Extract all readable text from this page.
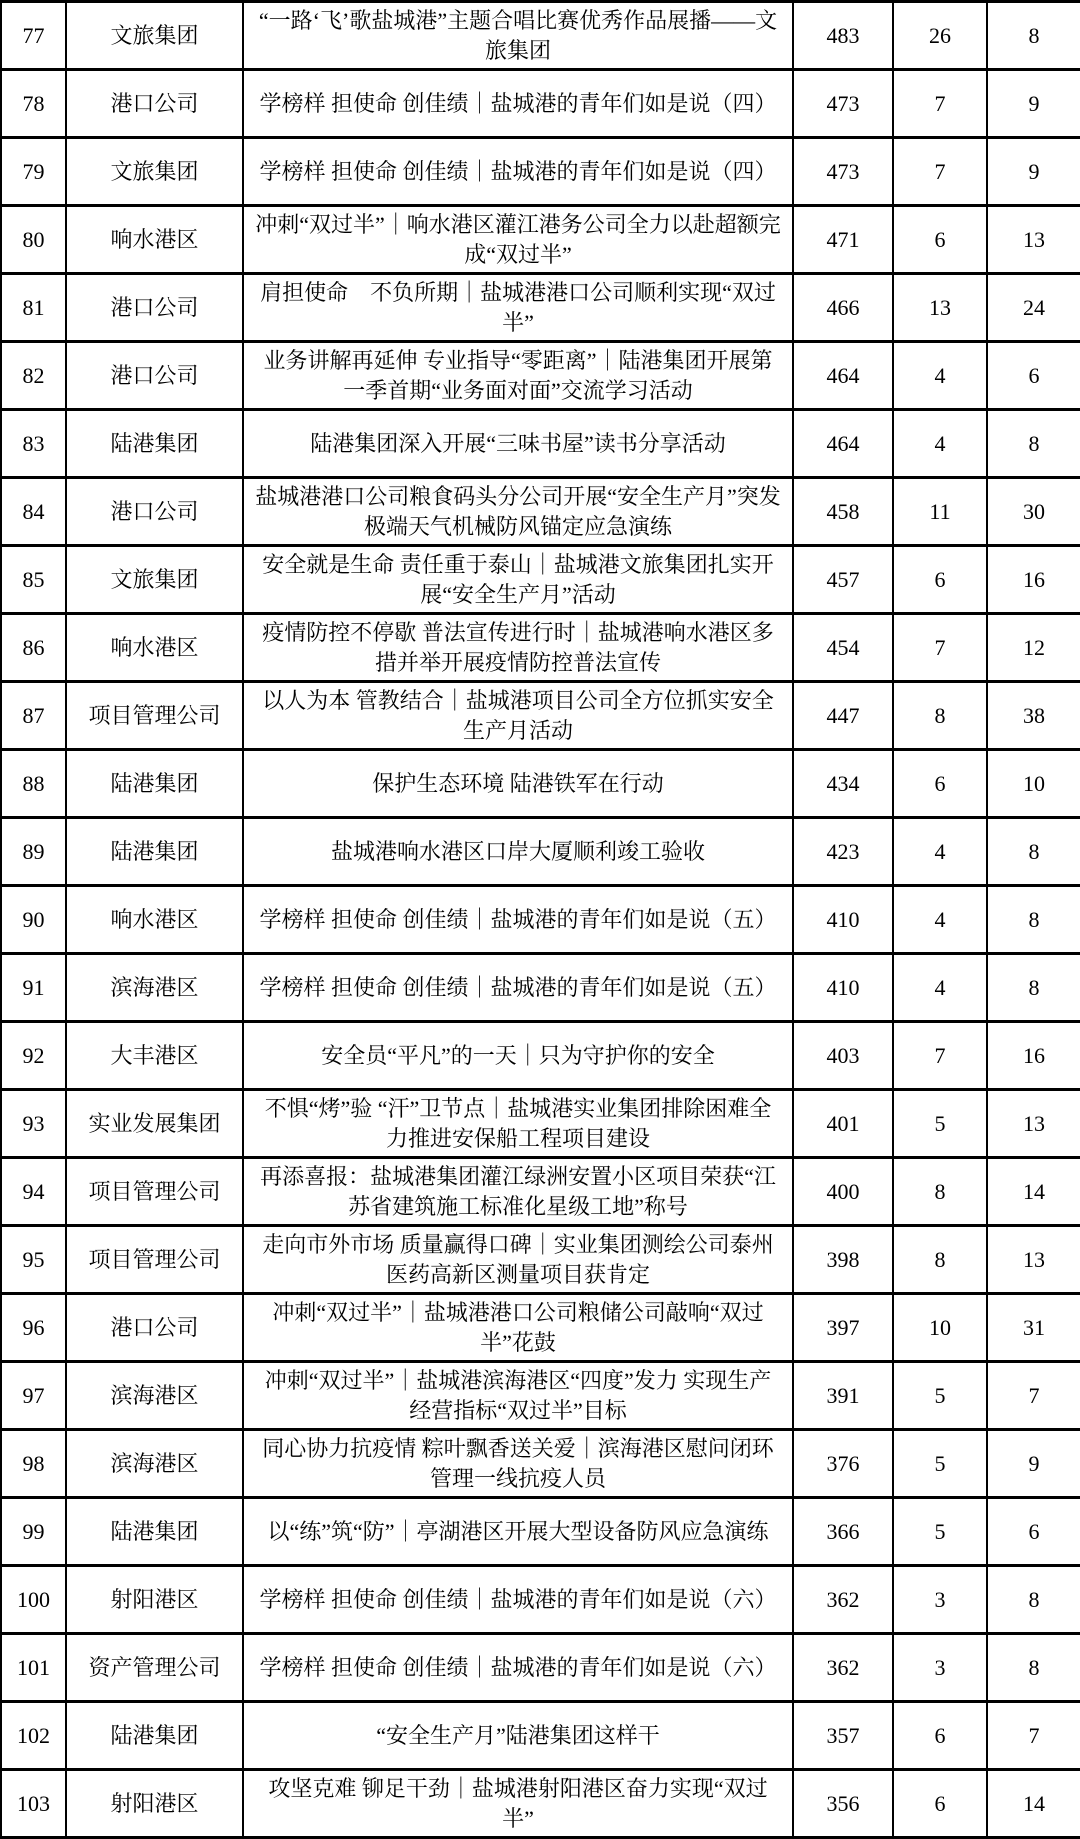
77	文旅集团	“一路‘飞’歌盐城港”主题合唱比赛优秀作品展播——文旅集团	483	26	8
78	港口公司	学榜样 担使命 创佳绩｜盐城港的青年们如是说（四）	473	7	9
79	文旅集团	学榜样 担使命 创佳绩｜盐城港的青年们如是说（四）	473	7	9
80	响水港区	冲刺“双过半”｜响水港区灌江港务公司全力以赴超额完成“双过半”	471	6	13
81	港口公司	肩担使命　不负所期｜盐城港港口公司顺利实现“双过半”	466	13	24
82	港口公司	业务讲解再延伸 专业指导“零距离”｜陆港集团开展第一季首期“业务面对面”交流学习活动	464	4	6
83	陆港集团	陆港集团深入开展“三味书屋”读书分享活动	464	4	8
84	港口公司	盐城港港口公司粮食码头分公司开展“安全生产月”突发极端天气机械防风锚定应急演练	458	11	30
85	文旅集团	安全就是生命 责任重于泰山｜盐城港文旅集团扎实开展“安全生产月”活动	457	6	16
86	响水港区	疫情防控不停歇 普法宣传进行时｜盐城港响水港区多措并举开展疫情防控普法宣传	454	7	12
87	项目管理公司	以人为本 管教结合｜盐城港项目公司全方位抓实安全生产月活动	447	8	38
88	陆港集团	保护生态环境 陆港铁军在行动	434	6	10
89	陆港集团	盐城港响水港区口岸大厦顺利竣工验收	423	4	8
90	响水港区	学榜样 担使命 创佳绩｜盐城港的青年们如是说（五）	410	4	8
91	滨海港区	学榜样 担使命 创佳绩｜盐城港的青年们如是说（五）	410	4	8
92	大丰港区	安全员“平凡”的一天｜只为守护你的安全	403	7	16
93	实业发展集团	不惧“烤”验 “汗”卫节点｜盐城港实业集团排除困难全力推进安保船工程项目建设	401	5	13
94	项目管理公司	再添喜报：盐城港集团灌江绿洲安置小区项目荣获“江苏省建筑施工标准化星级工地”称号	400	8	14
95	项目管理公司	走向市外市场 质量赢得口碑｜实业集团测绘公司泰州医药高新区测量项目获肯定	398	8	13
96	港口公司	冲刺“双过半”｜盐城港港口公司粮储公司敲响“双过半”花鼓	397	10	31
97	滨海港区	冲刺“双过半”｜盐城港滨海港区“四度”发力 实现生产经营指标“双过半”目标	391	5	7
98	滨海港区	同心协力抗疫情 粽叶飘香送关爱｜滨海港区慰问闭环管理一线抗疫人员	376	5	9
99	陆港集团	以“练”筑“防”｜亭湖港区开展大型设备防风应急演练	366	5	6
100	射阳港区	学榜样 担使命 创佳绩｜盐城港的青年们如是说（六）	362	3	8
101	资产管理公司	学榜样 担使命 创佳绩｜盐城港的青年们如是说（六）	362	3	8
102	陆港集团	“安全生产月”陆港集团这样干	357	6	7
103	射阳港区	攻坚克难 铆足干劲｜盐城港射阳港区奋力实现“双过半”	356	6	14
